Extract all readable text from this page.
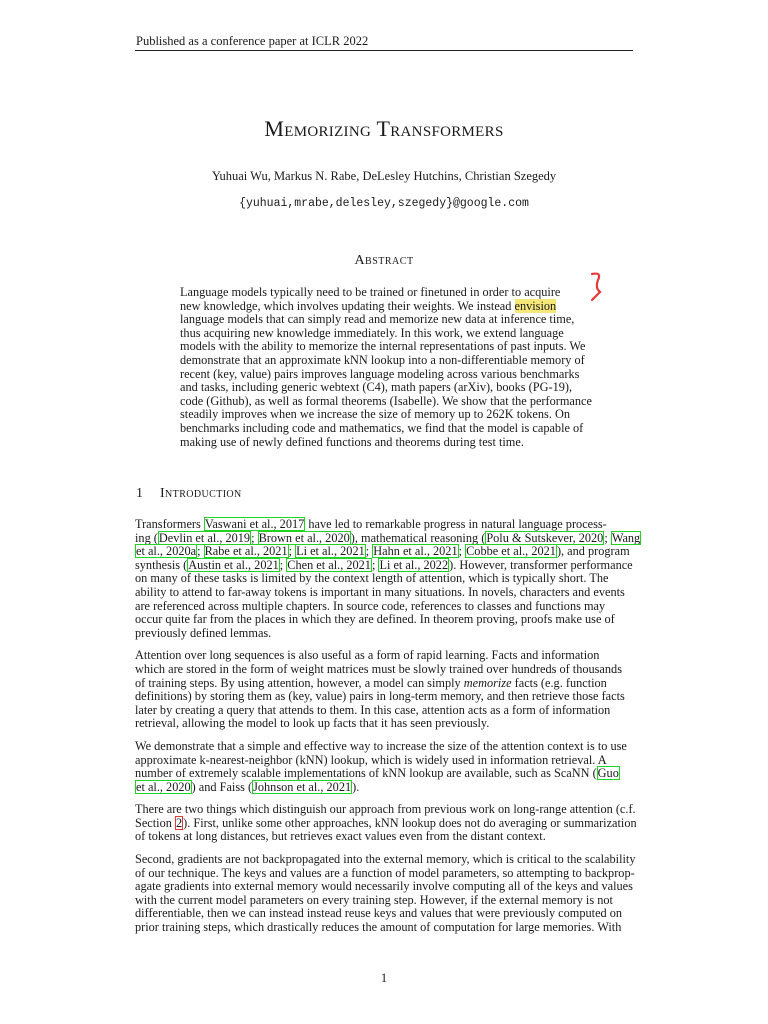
Published as a conference paper at ICLR 2022
Memorizing Transformers
Yuhuai Wu, Markus N. Rabe, DeLesley Hutchins, Christian Szegedy
{yuhuai,mrabe,delesley,szegedy}@google.com
Abstract
Language models typically need to be trained or finetuned in order to acquire
new knowledge, which involves updating their weights. We instead envision
language models that can simply read and memorize new data at inference time,
thus acquiring new knowledge immediately. In this work, we extend language
models with the ability to memorize the internal representations of past inputs. We
demonstrate that an approximate kNN lookup into a non-differentiable memory of
recent (key, value) pairs improves language modeling across various benchmarks
and tasks, including generic webtext (C4), math papers (arXiv), books (PG-19),
code (Github), as well as formal theorems (Isabelle). We show that the performance
steadily improves when we increase the size of memory up to 262K tokens. On
benchmarks including code and mathematics, we find that the model is capable of
making use of newly defined functions and theorems during test time.
1 Introduction
Transformers Vaswani et al., 2017 have led to remarkable progress in natural language process-
ing (Devlin et al., 2019; Brown et al., 2020), mathematical reasoning (Polu & Sutskever, 2020; Wang
et al., 2020a; Rabe et al., 2021; Li et al., 2021; Hahn et al., 2021; Cobbe et al., 2021), and program
synthesis (Austin et al., 2021; Chen et al., 2021; Li et al., 2022). However, transformer performance
on many of these tasks is limited by the context length of attention, which is typically short. The
ability to attend to far-away tokens is important in many situations. In novels, characters and events
are referenced across multiple chapters. In source code, references to classes and functions may
occur quite far from the places in which they are defined. In theorem proving, proofs make use of
previously defined lemmas.
Attention over long sequences is also useful as a form of rapid learning. Facts and information
which are stored in the form of weight matrices must be slowly trained over hundreds of thousands
of training steps. By using attention, however, a model can simply memorize facts (e.g. function
definitions) by storing them as (key, value) pairs in long-term memory, and then retrieve those facts
later by creating a query that attends to them. In this case, attention acts as a form of information
retrieval, allowing the model to look up facts that it has seen previously.
We demonstrate that a simple and effective way to increase the size of the attention context is to use
approximate k-nearest-neighbor (kNN) lookup, which is widely used in information retrieval. A
number of extremely scalable implementations of kNN lookup are available, such as ScaNN (Guo
et al., 2020) and Faiss (Johnson et al., 2021).
There are two things which distinguish our approach from previous work on long-range attention (c.f.
Section 2). First, unlike some other approaches, kNN lookup does not do averaging or summarization
of tokens at long distances, but retrieves exact values even from the distant context.
Second, gradients are not backpropagated into the external memory, which is critical to the scalability
of our technique. The keys and values are a function of model parameters, so attempting to backprop-
agate gradients into external memory would necessarily involve computing all of the keys and values
with the current model parameters on every training step. However, if the external memory is not
differentiable, then we can instead instead reuse keys and values that were previously computed on
prior training steps, which drastically reduces the amount of computation for large memories. With
1
